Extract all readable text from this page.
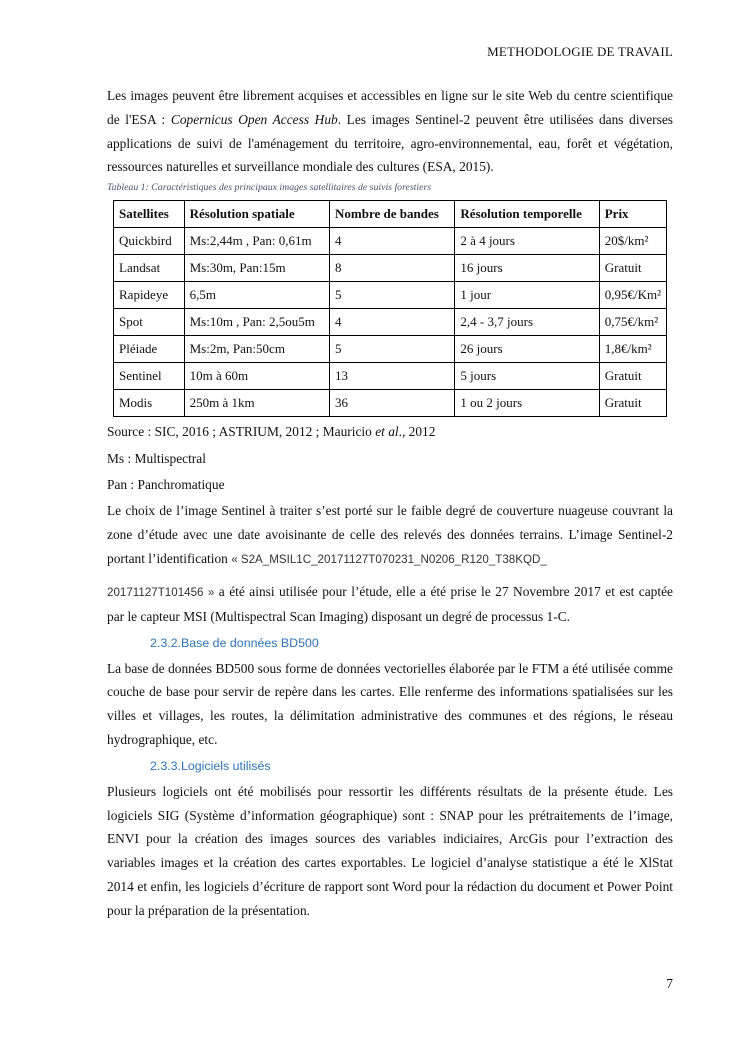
METHODOLOGIE DE TRAVAIL

Les images peuvent être librement acquises et accessibles en ligne sur le site Web du centre scientifique de l'ESA : Copernicus Open Access Hub. Les images Sentinel-2 peuvent être utilisées dans diverses applications de suivi de l'aménagement du territoire, agro-environnemental, eau, forêt et végétation, ressources naturelles et surveillance mondiale des cultures (ESA, 2015).

Tableau 1: Caractéristiques des principaux images satellitaires de suivis forestiers
Satellites	Résolution spatiale	Nombre de bandes	Résolution temporelle	Prix
Quickbird	Ms:2,44m , Pan: 0,61m	4	2 à 4 jours	20$/km²
Landsat	Ms:30m, Pan:15m	8	16 jours	Gratuit
Rapideye	6,5m	5	1 jour	0,95€/Km²
Spot	Ms:10m , Pan: 2,5ou5m	4	2,4 - 3,7 jours	0,75€/km²
Pléiade	Ms:2m, Pan:50cm	5	26 jours	1,8€/km²
Sentinel	10m à 60m	13	5 jours	Gratuit
Modis	250m à 1km	36	1 ou 2 jours	Gratuit

Source : SIC, 2016 ; ASTRIUM, 2012 ; Mauricio et al., 2012

Ms : Multispectral

Pan : Panchromatique

Le choix de l’image Sentinel à traiter s’est porté sur le faible degré de couverture nuageuse couvrant la zone d’étude avec une date avoisinante de celle des relevés des données terrains. L’image Sentinel-2 portant l’identification « S2A_MSIL1C_20171127T070231_N0206_R120_T38KQD_

20171127T101456 » a été ainsi utilisée pour l’étude, elle a été prise le 27 Novembre 2017 et est captée par le capteur MSI (Multispectral Scan Imaging) disposant un degré de processus 1-C.

2.3.2.Base de données BD500

La base de données BD500 sous forme de données vectorielles élaborée par le FTM a été utilisée comme couche de base pour servir de repère dans les cartes. Elle renferme des informations spatialisées sur les villes et villages, les routes, la délimitation administrative des communes et des régions, le réseau hydrographique, etc.

2.3.3.Logiciels utilisés

Plusieurs logiciels ont été mobilisés pour ressortir les différents résultats de la présente étude. Les logiciels SIG (Système d’information géographique) sont : SNAP pour les prétraitements de l’image, ENVI pour la création des images sources des variables indiciaires, ArcGis pour l’extraction des variables images et la création des cartes exportables. Le logiciel d’analyse statistique a été le XlStat 2014 et enfin, les logiciels d’écriture de rapport sont Word pour la rédaction du document et Power Point pour la préparation de la présentation.

7
